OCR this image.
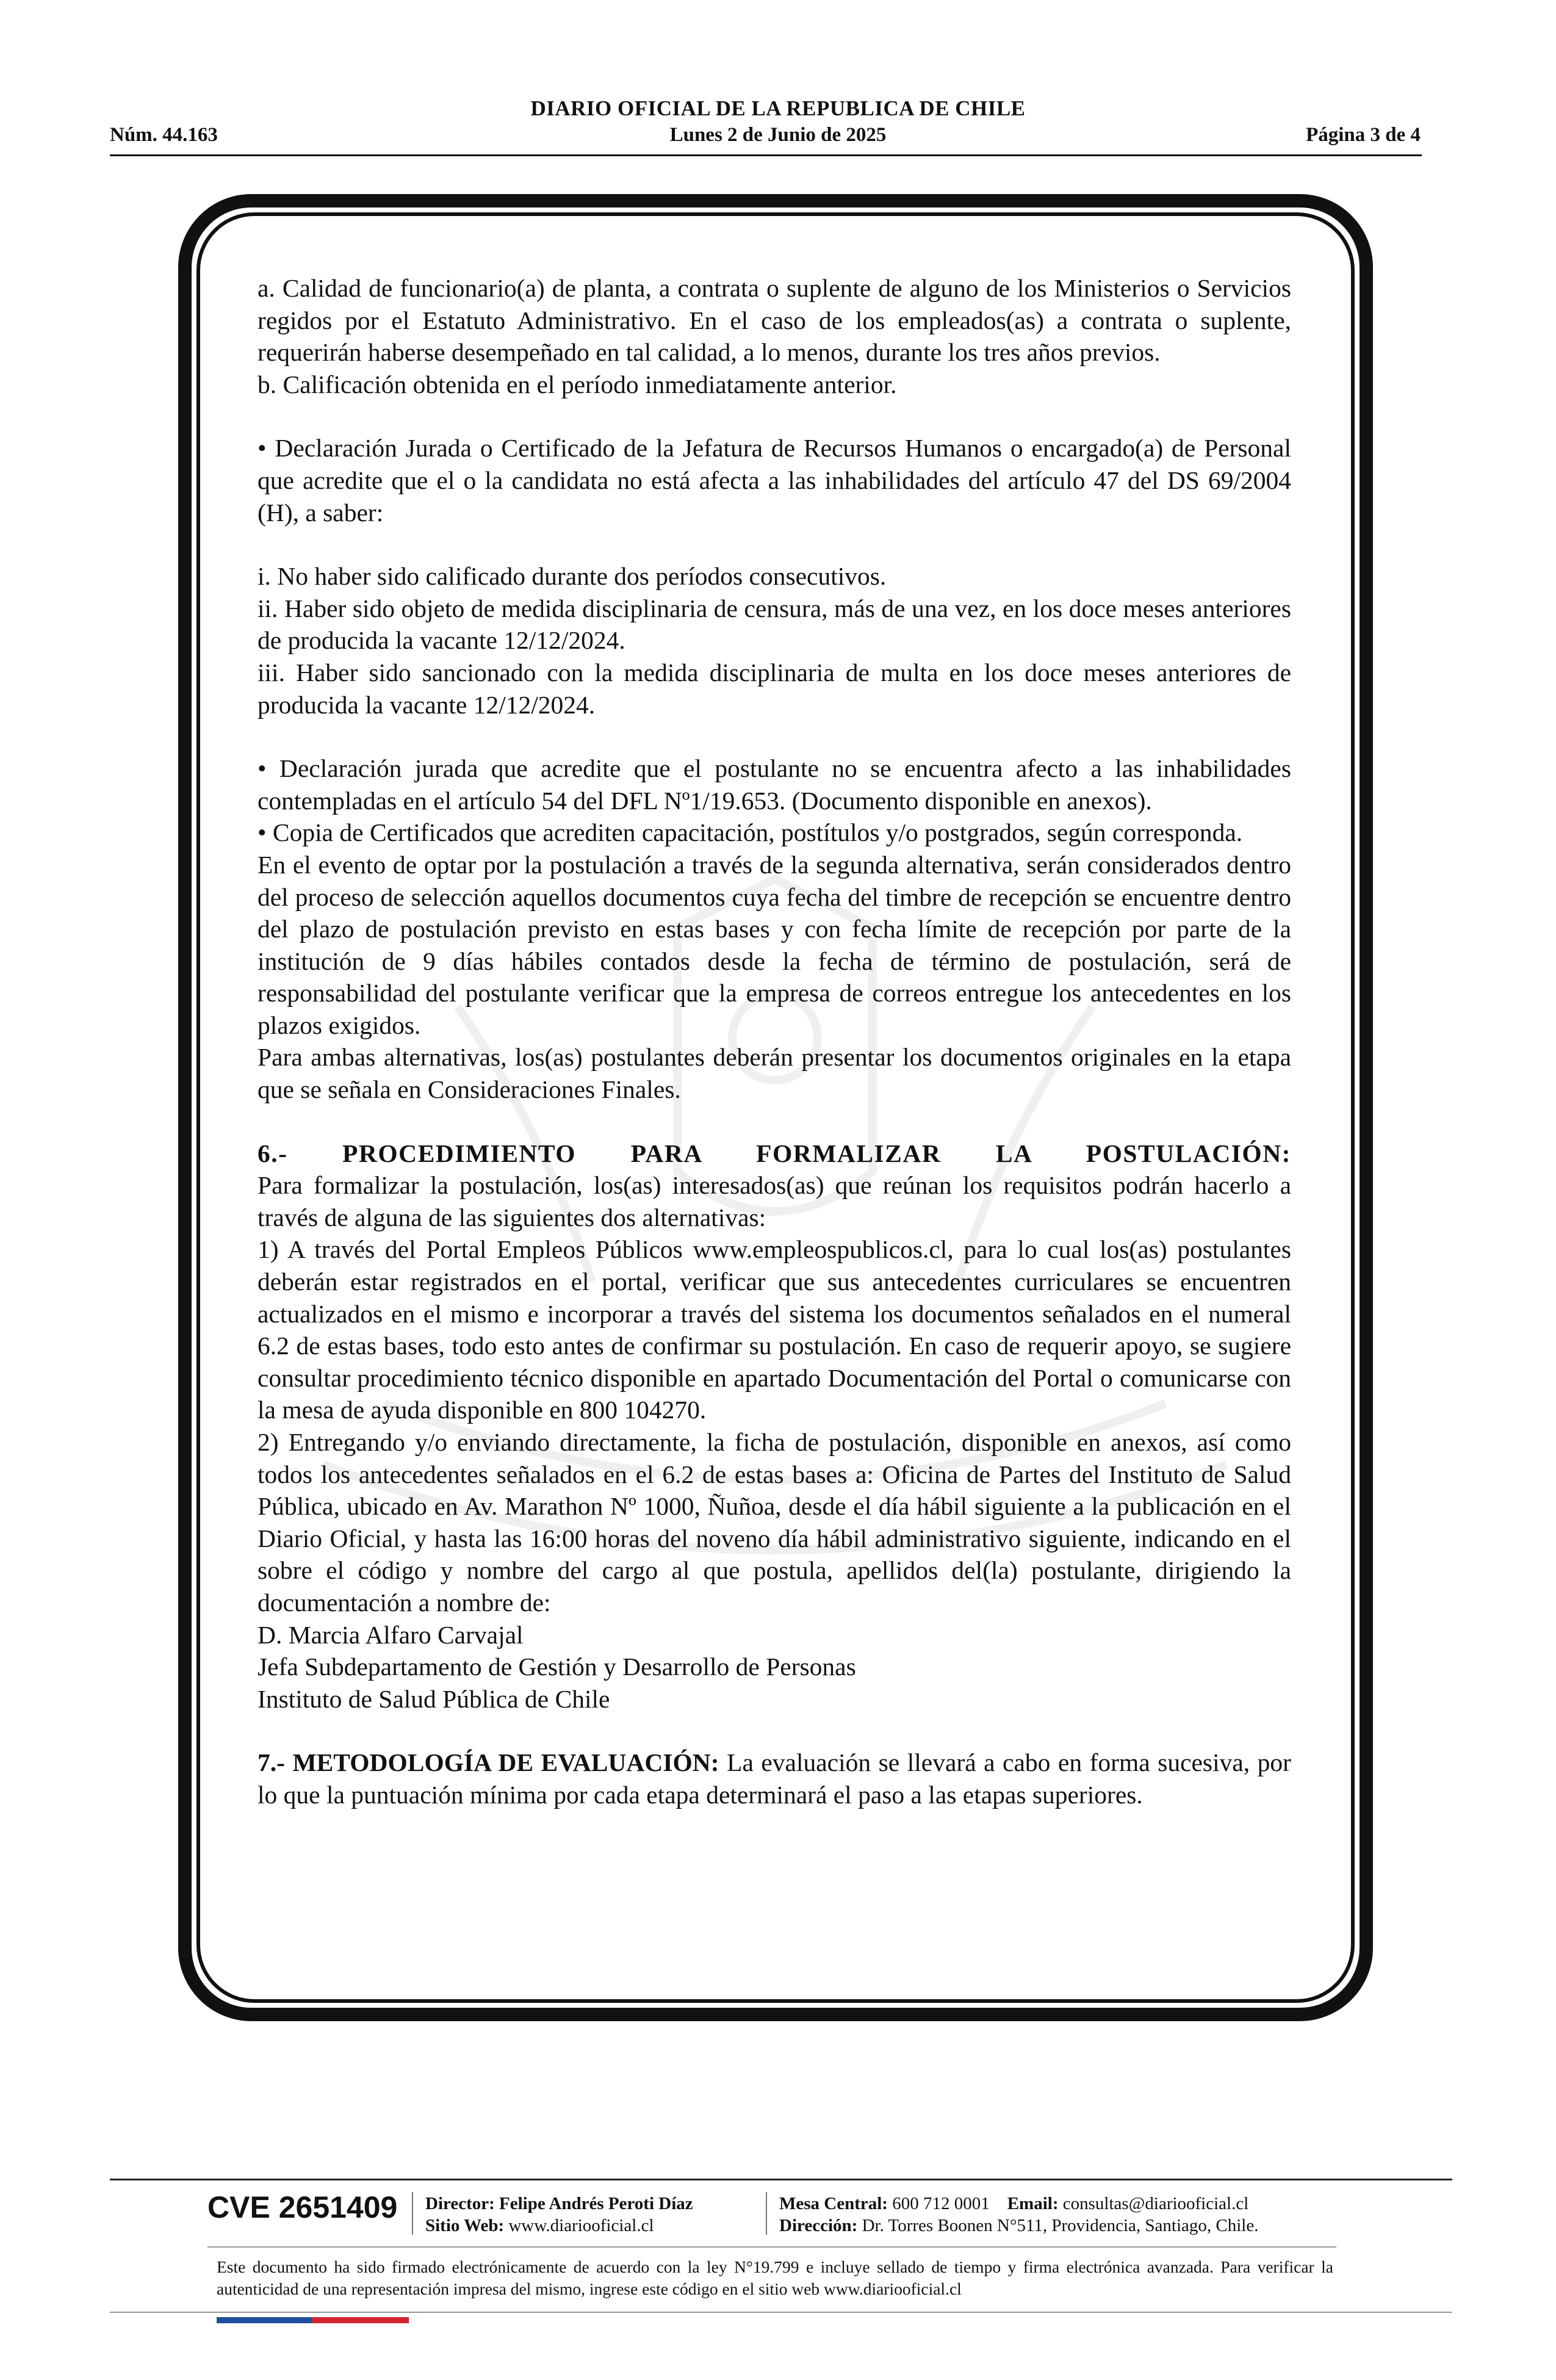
DIARIO OFICIAL DE LA REPUBLICA DE CHILE
Núm. 44.163	Lunes 2 de Junio de 2025	Página 3 de 4

a. Calidad de funcionario(a) de planta, a contrata o suplente de alguno de los Ministerios o Servicios regidos por el Estatuto Administrativo. En el caso de los empleados(as) a contrata o suplente, requerirán haberse desempeñado en tal calidad, a lo menos, durante los tres años previos.

b. Calificación obtenida en el período inmediatamente anterior.

• Declaración Jurada o Certificado de la Jefatura de Recursos Humanos o encargado(a) de Personal que acredite que el o la candidata no está afecta a las inhabilidades del artículo 47 del DS 69/2004 (H), a saber:

i. No haber sido calificado durante dos períodos consecutivos.

ii. Haber sido objeto de medida disciplinaria de censura, más de una vez, en los doce meses anteriores de producida la vacante 12/12/2024.

iii. Haber sido sancionado con la medida disciplinaria de multa en los doce meses anteriores de producida la vacante 12/12/2024.

• Declaración jurada que acredite que el postulante no se encuentra afecto a las inhabilidades contempladas en el artículo 54 del DFL Nº1/19.653. (Documento disponible en anexos).

• Copia de Certificados que acrediten capacitación, postítulos y/o postgrados, según corresponda.

En el evento de optar por la postulación a través de la segunda alternativa, serán considerados dentro del proceso de selección aquellos documentos cuya fecha del timbre de recepción se encuentre dentro del plazo de postulación previsto en estas bases y con fecha límite de recepción por parte de la institución de 9 días hábiles contados desde la fecha de término de postulación, será de responsabilidad del postulante verificar que la empresa de correos entregue los antecedentes en los plazos exigidos.

Para ambas alternativas, los(as) postulantes deberán presentar los documentos originales en la etapa que se señala en Consideraciones Finales.

6.- PROCEDIMIENTO PARA FORMALIZAR LA POSTULACIÓN:

Para formalizar la postulación, los(as) interesados(as) que reúnan los requisitos podrán hacerlo a través de alguna de las siguientes dos alternativas:

1) A través del Portal Empleos Públicos www.empleospublicos.cl, para lo cual los(as) postulantes deberán estar registrados en el portal, verificar que sus antecedentes curriculares se encuentren actualizados en el mismo e incorporar a través del sistema los documentos señalados en el numeral 6.2 de estas bases, todo esto antes de confirmar su postulación. En caso de requerir apoyo, se sugiere consultar procedimiento técnico disponible en apartado Documentación del Portal o comunicarse con la mesa de ayuda disponible en 800 104270.

2) Entregando y/o enviando directamente, la ficha de postulación, disponible en anexos, así como todos los antecedentes señalados en el 6.2 de estas bases a: Oficina de Partes del Instituto de Salud Pública, ubicado en Av. Marathon Nº 1000, Ñuñoa, desde el día hábil siguiente a la publicación en el Diario Oficial, y hasta las 16:00 horas del noveno día hábil administrativo siguiente, indicando en el sobre el código y nombre del cargo al que postula, apellidos del(la) postulante, dirigiendo la documentación a nombre de:

D. Marcia Alfaro Carvajal

Jefa Subdepartamento de Gestión y Desarrollo de Personas

Instituto de Salud Pública de Chile

7.- METODOLOGÍA DE EVALUACIÓN: La evaluación se llevará a cabo en forma sucesiva, por lo que la puntuación mínima por cada etapa determinará el paso a las etapas superiores.

CVE 2651409 Director: Felipe Andrés Peroti Díaz
Sitio Web: www.diariooficial.cl
Mesa Central: 600 712 0001 Email: consultas@diariooficial.cl
Dirección: Dr. Torres Boonen N°511, Providencia, Santiago, Chile.
Este documento ha sido firmado electrónicamente de acuerdo con la ley N°19.799 e incluye sellado de tiempo y firma electrónica avanzada. Para verificar la autenticidad de una representación impresa del mismo, ingrese este código en el sitio web www.diariooficial.cl
